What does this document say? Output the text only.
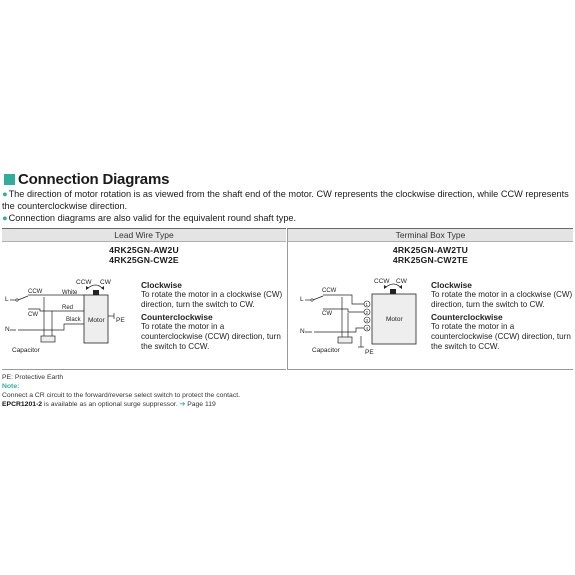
Connection Diagrams
●The direction of motor rotation is as viewed from the shaft end of the motor. CW represents the clockwise direction, while CCW represents the counterclockwise direction.
●Connection diagrams are also valid for the equivalent round shaft type.
Lead Wire Type
4RK25GN-AW2U
4RK25GN-CW2E
CCW CW
Motor PE
L
CCW
CW
White
Red
N
Black
Capacitor
Clockwise
To rotate the motor in a clockwise (CW) direction, turn the switch to CW.
Counterclockwise
To rotate the motor in a counterclockwise (CCW) direction, turn the switch to CCW.
Terminal Box Type
4RK25GN-AW2TU
4RK25GN-CW2TE
CCW CW
Motor
1
2
3
4
L
CCW
CW
N
Capacitor	PE
Clockwise
To rotate the motor in a clockwise (CW) direction, turn the switch to CW.
Counterclockwise
To rotate the motor in a counterclockwise (CCW) direction, turn the switch to CCW.
PE: Protective Earth
Note:
Connect a CR circuit to the forward/reverse select switch to protect the contact.
EPCR1201-2 is available as an optional surge suppressor. ➔ Page 119
